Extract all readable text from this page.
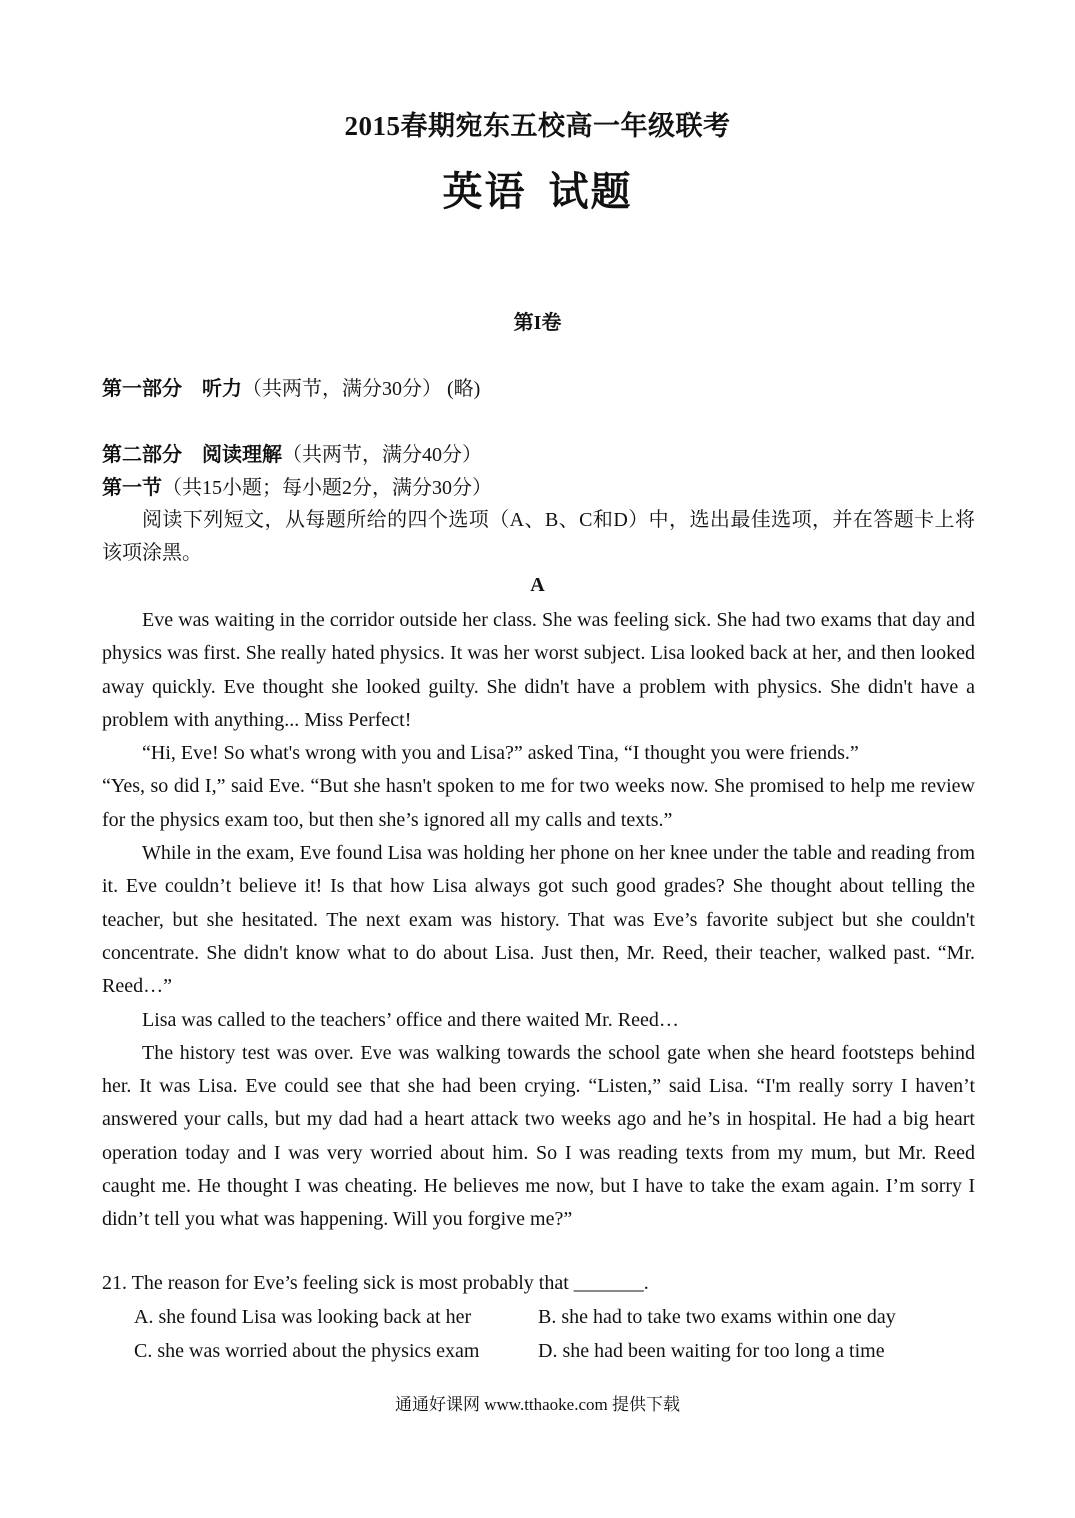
2015春期宛东五校高一年级联考
英语 试题
第I卷
第一部分　听力（共两节，满分30分） (略)
第二部分　阅读理解（共两节，满分40分）
第一节（共15小题；每小题2分，满分30分）
阅读下列短文，从每题所给的四个选项（A、B、C和D）中，选出最佳选项，并在答题卡上将该项涂黑。
A

Eve was waiting in the corridor outside her class. She was feeling sick. She had two exams that day and physics was first. She really hated physics. It was her worst subject. Lisa looked back at her, and then looked away quickly. Eve thought she looked guilty. She didn't have a problem with physics. She didn't have a problem with anything... Miss Perfect!

“Hi, Eve! So what's wrong with you and Lisa?” asked Tina, “I thought you were friends.”

“Yes, so did I,” said Eve. “But she hasn't spoken to me for two weeks now. She promised to help me review for the physics exam too, but then she’s ignored all my calls and texts.”

While in the exam, Eve found Lisa was holding her phone on her knee under the table and reading from it. Eve couldn’t believe it! Is that how Lisa always got such good grades? She thought about telling the teacher, but she hesitated. The next exam was history. That was Eve’s favorite subject but she couldn't concentrate. She didn't know what to do about Lisa. Just then, Mr. Reed, their teacher, walked past. “Mr. Reed…”

Lisa was called to the teachers’ office and there waited Mr. Reed…

The history test was over. Eve was walking towards the school gate when she heard footsteps behind her. It was Lisa. Eve could see that she had been crying. “Listen,” said Lisa. “I'm really sorry I haven’t answered your calls, but my dad had a heart attack two weeks ago and he’s in hospital. He had a big heart operation today and I was very worried about him. So I was reading texts from my mum, but Mr. Reed caught me. He thought I was cheating. He believes me now, but I have to take the exam again. I’m sorry I didn’t tell you what was happening. Will you forgive me?”

21. The reason for Eve’s feeling sick is most probably that _______.
A. she found Lisa was looking back at her	B. she had to take two exams within one day
C. she was worried about the physics exam	D. she had been waiting for too long a time
通通好课网 www.tthaoke.com 提供下载
